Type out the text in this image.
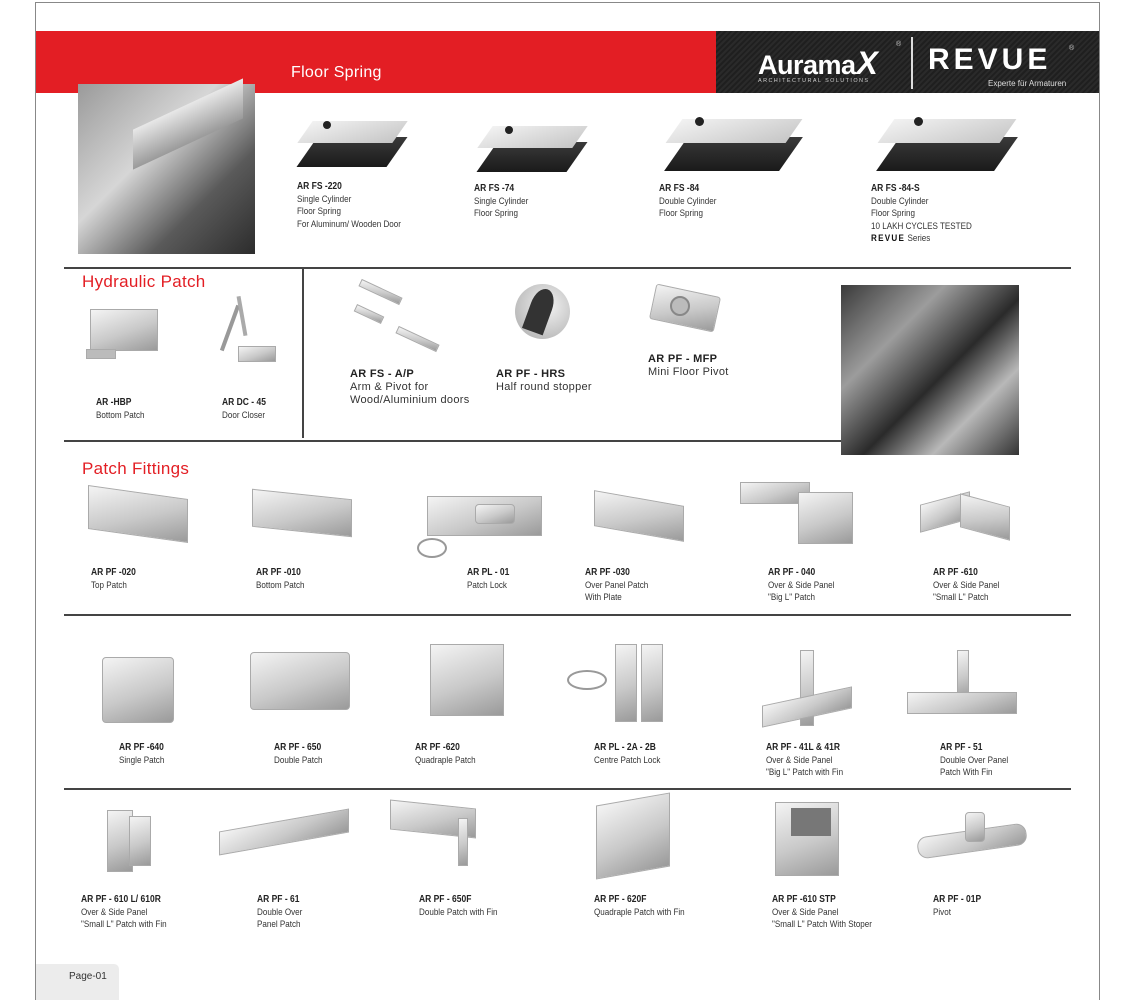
Floor Spring	AuramaX
®
ARCHITECTURAL SOLUTIONS
REVUE	®
Experte für Armaturen
AR FS -220
Single Cylinder
Floor Spring
For Aluminum/ Wooden Door
AR FS -74
Single Cylinder
Floor Spring
AR FS -84
Double Cylinder
Floor Spring
AR FS -84-S
Double Cylinder
Floor Spring
10 LAKH CYCLES TESTED
REVUE Series
Hydraulic Patch
AR -HBP
Bottom Patch
AR DC - 45
Door Closer
AR FS - A/P
Arm & Pivot for
Wood/Aluminium doors
AR PF - HRS
Half round stopper
AR PF - MFP
Mini Floor Pivot
Patch Fittings
AR PF -020
Top Patch
AR PF -010
Bottom Patch
AR PL - 01
Patch Lock
AR PF -030
Over Panel Patch
With Plate
AR PF - 040
Over & Side Panel
"Big L" Patch
AR PF -610
Over & Side Panel
"Small L" Patch
AR PF -640
Single Patch
AR PF - 650
Double Patch
AR PF -620
Quadraple Patch
AR PL - 2A - 2B
Centre Patch Lock
AR PF - 41L & 41R
Over & Side Panel
"Big L" Patch with Fin
AR PF - 51
Double Over Panel
Patch With Fin
AR PF - 610 L/ 610R
Over & Side Panel
"Small L" Patch with Fin
AR PF - 61
Double Over
Panel Patch
AR PF - 650F
Double Patch with Fin
AR PF - 620F
Quadraple Patch with Fin
AR PF -610 STP
Over & Side Panel
"Small L" Patch With Stoper
AR PF - 01P
Pivot
Page-01
